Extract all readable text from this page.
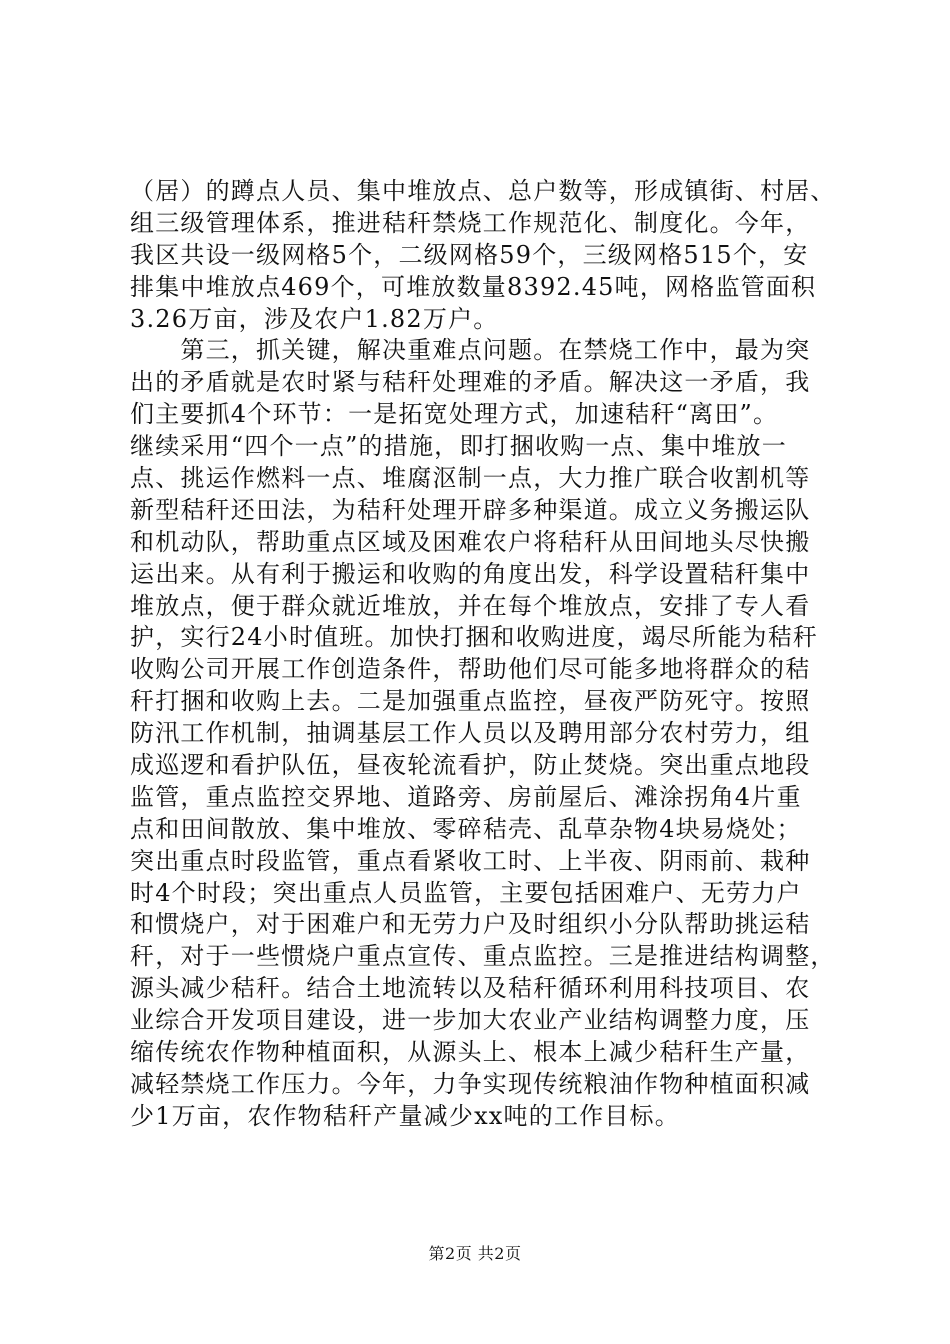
（居）的蹲点人员、集中堆放点、总户数等，形成镇街、村居、
组三级管理体系，推进秸秆禁烧工作规范化、制度化。今年，
我区共设一级网格5个，二级网格59个，三级网格515个，安
排集中堆放点469个，可堆放数量8392.45吨，网格监管面积
3.26万亩，涉及农户1.82万户。
　　第三，抓关键，解决重难点问题。在禁烧工作中，最为突
出的矛盾就是农时紧与秸秆处理难的矛盾。解决这一矛盾，我
们主要抓4个环节：一是拓宽处理方式，加速秸秆“离田”。
继续采用“四个一点”的措施，即打捆收购一点、集中堆放一
点、挑运作燃料一点、堆腐沤制一点，大力推广联合收割机等
新型秸秆还田法，为秸秆处理开辟多种渠道。成立义务搬运队
和机动队，帮助重点区域及困难农户将秸秆从田间地头尽快搬
运出来。从有利于搬运和收购的角度出发，科学设置秸秆集中
堆放点，便于群众就近堆放，并在每个堆放点，安排了专人看
护，实行24小时值班。加快打捆和收购进度，竭尽所能为秸秆
收购公司开展工作创造条件，帮助他们尽可能多地将群众的秸
秆打捆和收购上去。二是加强重点监控，昼夜严防死守。按照
防汛工作机制，抽调基层工作人员以及聘用部分农村劳力，组
成巡逻和看护队伍，昼夜轮流看护，防止焚烧。突出重点地段
监管，重点监控交界地、道路旁、房前屋后、滩涂拐角4片重
点和田间散放、集中堆放、零碎秸壳、乱草杂物4块易烧处；
突出重点时段监管，重点看紧收工时、上半夜、阴雨前、栽种
时4个时段；突出重点人员监管，主要包括困难户、无劳力户
和惯烧户，对于困难户和无劳力户及时组织小分队帮助挑运秸
秆，对于一些惯烧户重点宣传、重点监控。三是推进结构调整，
源头减少秸秆。结合土地流转以及秸秆循环利用科技项目、农
业综合开发项目建设，进一步加大农业产业结构调整力度，压
缩传统农作物种植面积，从源头上、根本上减少秸秆生产量，
减轻禁烧工作压力。今年，力争实现传统粮油作物种植面积减
少1万亩，农作物秸秆产量减少xx吨的工作目标。
第2页 共2页
